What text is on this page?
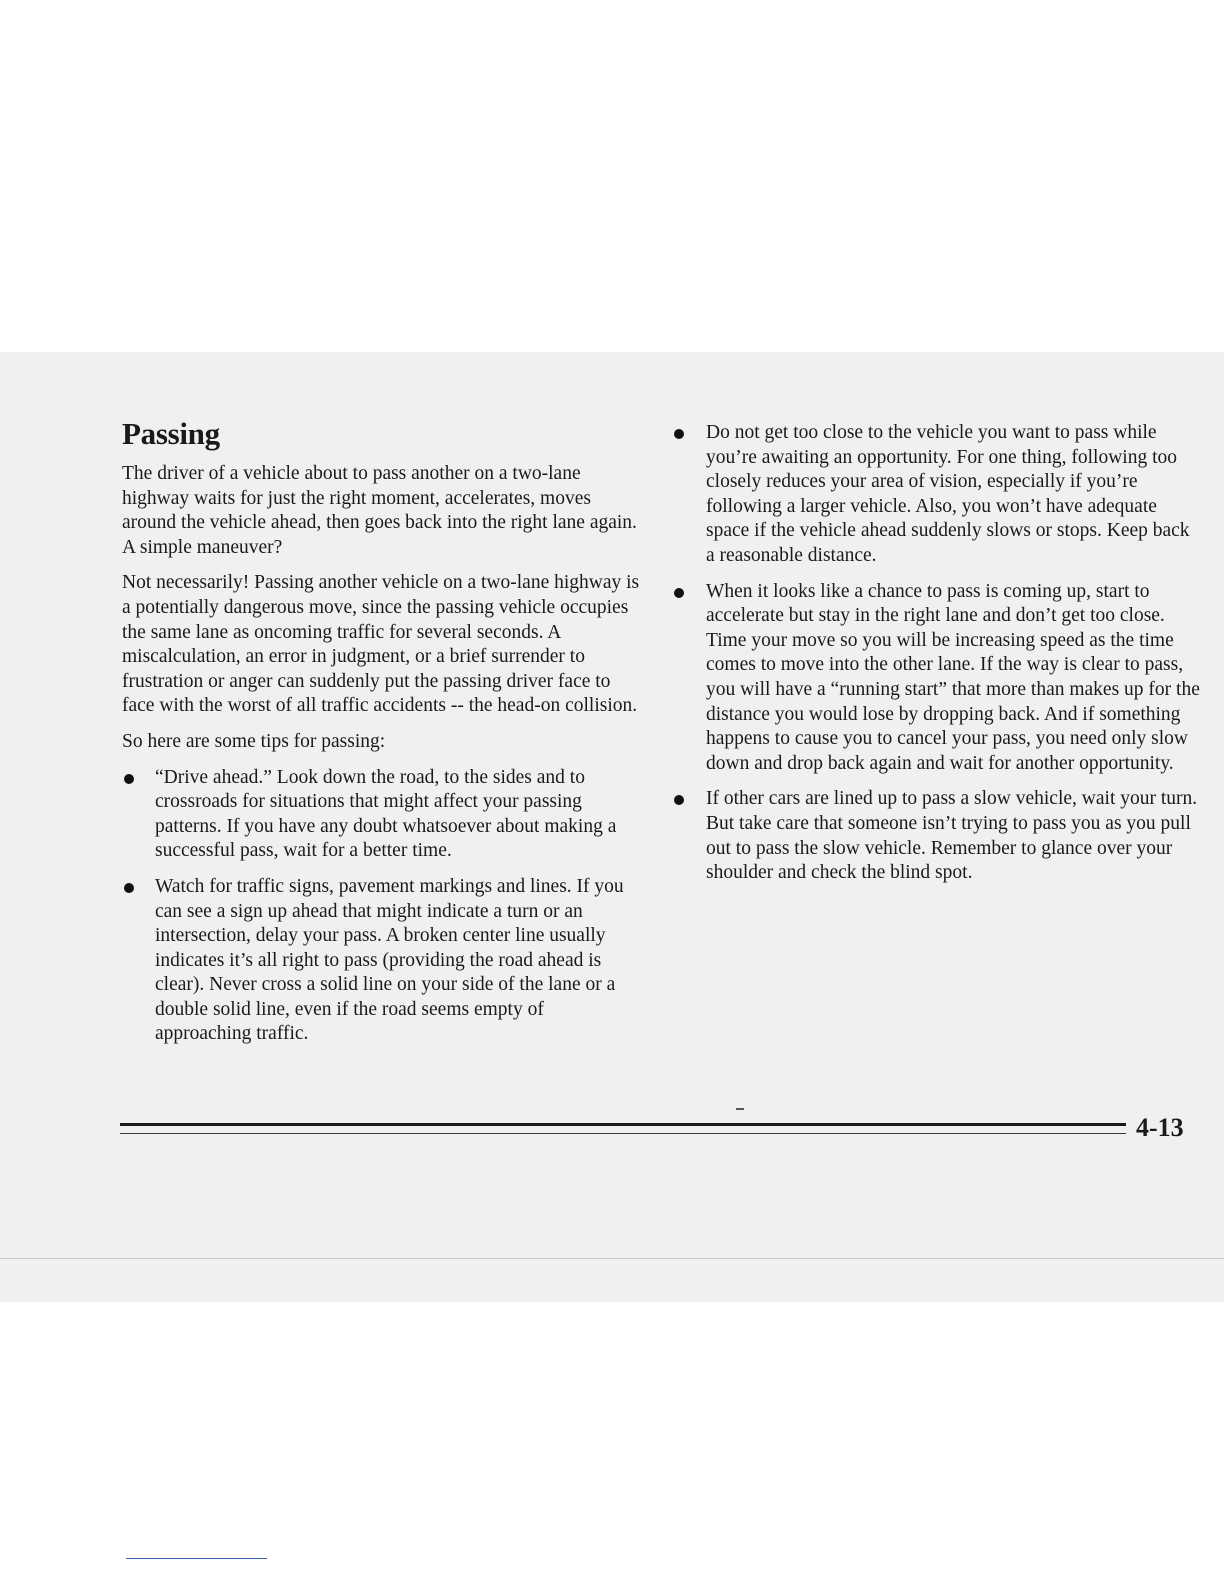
Passing

The driver of a vehicle about to pass another on a two-lane highway waits for just the right moment, accelerates, moves around the vehicle ahead, then goes back into the right lane again. A simple maneuver?

Not necessarily! Passing another vehicle on a two-lane highway is a potentially dangerous move, since the passing vehicle occupies the same lane as oncoming traffic for several seconds. A miscalculation, an error in judgment, or a brief surrender to frustration or anger can suddenly put the passing driver face to face with the worst of all traffic accidents -- the head-on collision.

So here are some tips for passing:

“Drive ahead.” Look down the road, to the sides and to crossroads for situations that might affect your passing patterns. If you have any doubt whatsoever about making a successful pass, wait for a better time.
Watch for traffic signs, pavement markings and lines. If you can see a sign up ahead that might indicate a turn or an intersection, delay your pass. A broken center line usually indicates it’s all right to pass (providing the road ahead is clear). Never cross a solid line on your side of the lane or a double solid line, even if the road seems empty of approaching traffic.
Do not get too close to the vehicle you want to pass while you’re awaiting an opportunity. For one thing, following too closely reduces your area of vision, especially if you’re following a larger vehicle. Also, you won’t have adequate space if the vehicle ahead suddenly slows or stops. Keep back a reasonable distance.
When it looks like a chance to pass is coming up, start to accelerate but stay in the right lane and don’t get too close. Time your move so you will be increasing speed as the time comes to move into the other lane. If the way is clear to pass, you will have a “running start” that more than makes up for the distance you would lose by dropping back. And if something happens to cause you to cancel your pass, you need only slow down and drop back again and wait for another opportunity.
If other cars are lined up to pass a slow vehicle, wait your turn. But take care that someone isn’t trying to pass you as you pull out to pass the slow vehicle. Remember to glance over your shoulder and check the blind spot.
4-13
